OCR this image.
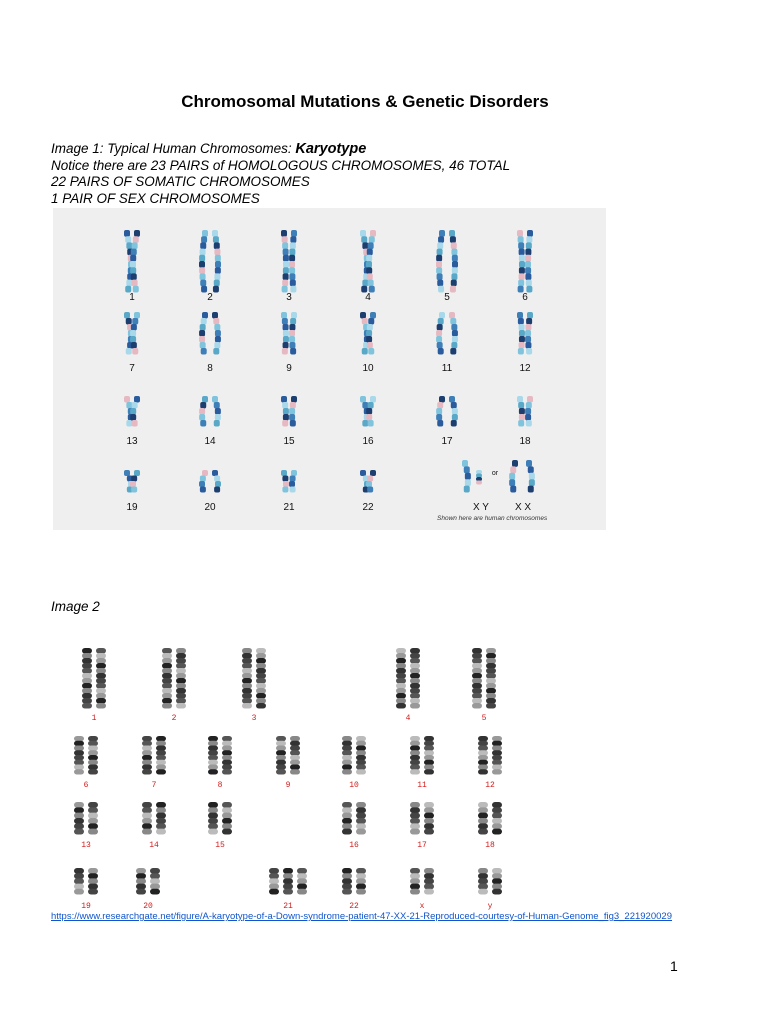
Chromosomal Mutations & Genetic Disorders
Image 1: Typical Human Chromosomes: Karyotype
Notice there are 23 PAIRS of HOMOLOGOUS CHROMOSOMES, 46 TOTAL
22 PAIRS OF SOMATIC CHROMOSOMES
1 PAIR OF SEX CHROMOSOMES
1	2	3	4	5	6
7	8	9	10	11	12
13	14	15	16	17	18
19	20	21	22	X Y	X X
or
Shown here are human chromosomes
Image 2
1	2	3	4	5
6	7	8	9	10	11	12
13	14	15	16	17	18
19	20	21	22	x	y
https://www.researchgate.net/figure/A-karyotype-of-a-Down-syndrome-patient-47-XX-21-Reproduced-courtesy-of-Human-Genome_fig3_221920029
1
